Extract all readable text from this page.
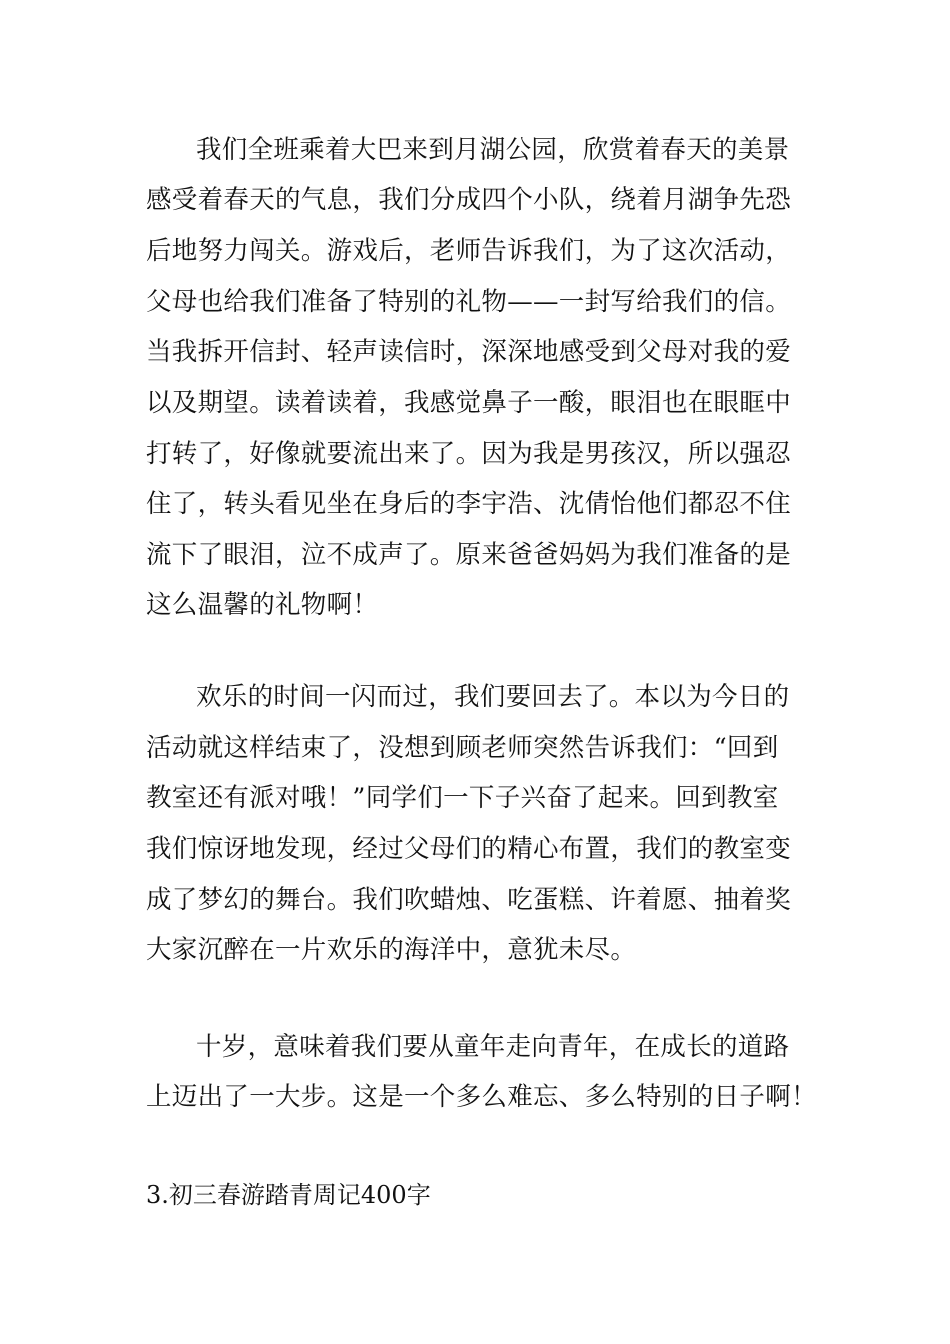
我们全班乘着大巴来到月湖公园，欣赏着春天的美景
感受着春天的气息，我们分成四个小队，绕着月湖争先恐
后地努力闯关。游戏后，老师告诉我们，为了这次活动，
父母也给我们准备了特别的礼物——一封写给我们的信。
当我拆开信封、轻声读信时，深深地感受到父母对我的爱
以及期望。读着读着，我感觉鼻子一酸，眼泪也在眼眶中
打转了，好像就要流出来了。因为我是男孩汉，所以强忍
住了，转头看见坐在身后的李宇浩、沈倩怡他们都忍不住
流下了眼泪，泣不成声了。原来爸爸妈妈为我们准备的是
这么温馨的礼物啊！
欢乐的时间一闪而过，我们要回去了。本以为今日的
活动就这样结束了，没想到顾老师突然告诉我们：“回到
教室还有派对哦！”同学们一下子兴奋了起来。回到教室
我们惊讶地发现，经过父母们的精心布置，我们的教室变
成了梦幻的舞台。我们吹蜡烛、吃蛋糕、许着愿、抽着奖
大家沉醉在一片欢乐的海洋中，意犹未尽。
十岁，意味着我们要从童年走向青年，在成长的道路
上迈出了一大步。这是一个多么难忘、多么特别的日子啊！
3.初三春游踏青周记400字
